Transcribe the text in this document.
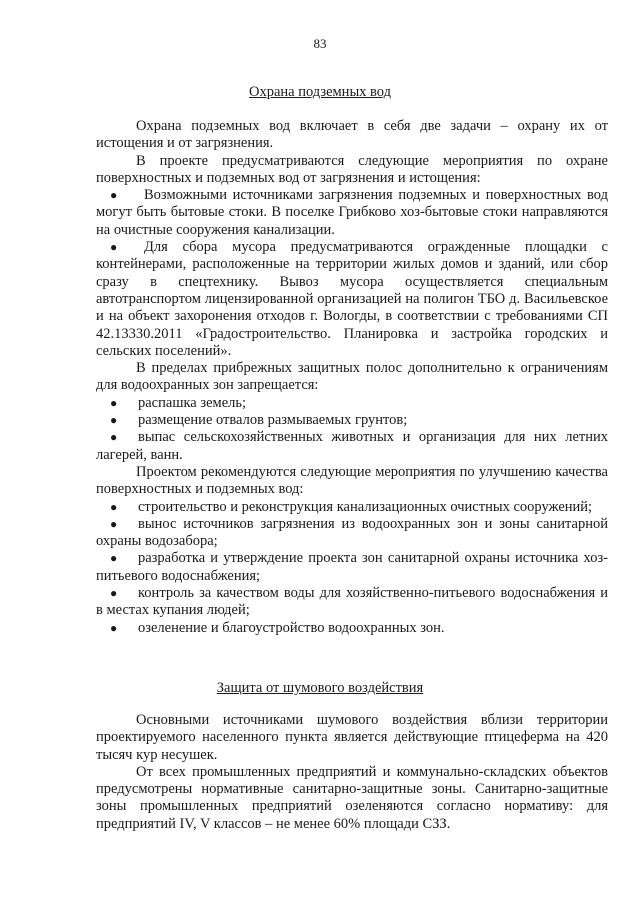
83
Охрана подземных вод

Охрана подземных вод включает в себя две задачи – охрану их от истощения и от загрязнения.

В проекте предусматриваются следующие мероприятия по охране поверхностных и подземных вод от загрязнения и истощения:

● Возможными источниками загрязнения подземных и поверхностных вод могут быть бытовые стоки. В поселке Грибково хоз-бытовые стоки направляются на очистные сооружения канализации.

● Для сбора мусора предусматриваются огражденные площадки с контейнерами, расположенные на территории жилых домов и зданий, или сбор сразу в спецтехнику. Вывоз мусора осуществляется специальным автотранспортом лицензированной организацией на полигон ТБО д. Васильевское и на объект захоронения отходов г. Вологды, в соответствии с требованиями СП 42.13330.2011 «Градостроительство. Планировка и застройка городских и сельских поселений».

В пределах прибрежных защитных полос дополнительно к ограничениям для водоохранных зон запрещается:

● распашка земель;

● размещение отвалов размываемых грунтов;

● выпас сельскохозяйственных животных и организация для них летних лагерей, ванн.

Проектом рекомендуются следующие мероприятия по улучшению качества поверхностных и подземных вод:

● строительство и реконструкция канализационных очистных сооружений;

● вынос источников загрязнения из водоохранных зон и зоны санитарной охраны водозабора;

● разработка и утверждение проекта зон санитарной охраны источника хоз-питьевого водоснабжения;

● контроль за качеством воды для хозяйственно-питьевого водоснабжения и в местах купания людей;

● озеленение и благоустройство водоохранных зон.

Защита от шумового воздействия

Основными источниками шумового воздействия вблизи территории проектируемого населенного пункта является действующие птицеферма на 420 тысяч кур несушек.

От всех промышленных предприятий и коммунально-складских объектов предусмотрены нормативные санитарно-защитные зоны. Санитарно-защитные зоны промышленных предприятий озеленяются согласно нормативу: для предприятий IV, V классов – не менее 60% площади СЗЗ.
